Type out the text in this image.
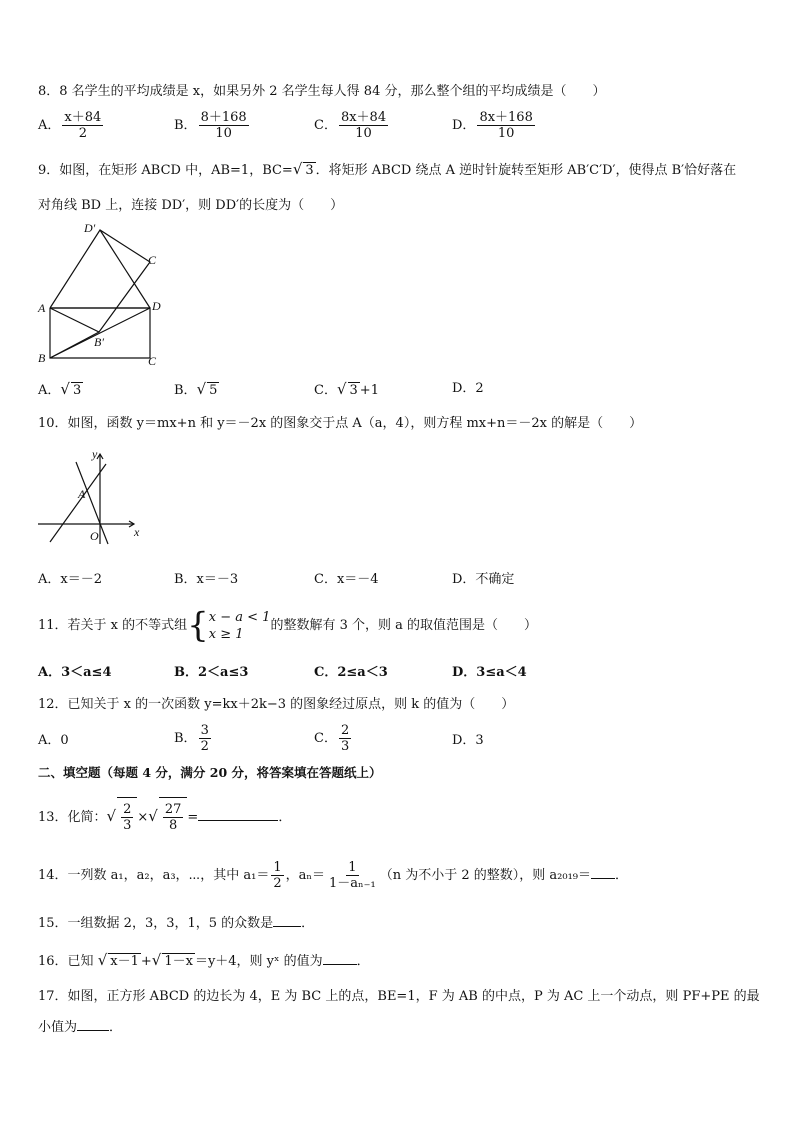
8．8 名学生的平均成绩是 x，如果另外 2 名学生每人得 84 分，那么整个组的平均成绩是（　　）
A． $\frac{x+84}{2}$	B． $\frac{8+168}{10}$	C． $\frac{8x+84}{10}$	D． $\frac{8x+168}{10}$
9．如图，在矩形 ABCD 中，AB=1，BC=√ 3 ．将矩形 ABCD 绕点 A 逆时针旋转至矩形 AB′C′D′，使得点 B′恰好落在
对角线 BD 上，连接 DD′，则 DD′的长度为（　　）
D′
C
A	D
B′
B	C
A．√ 3	B．√ 5	C．√ 3 +1	D．2
10．如图，函数 y＝mx+n 和 y＝－2x 的图象交于点 A（a，4），则方程 mx+n＝－2x 的解是（　　）
y
A
O	x
A．x＝－2	B．x＝－3	C．x＝－4	D．不确定
11．若关于 x 的不等式组{ x − a < 1
x ≥ 1
的整数解有 3 个，则 a 的取值范围是（　　）
A．3＜a≤4	B．2＜a≤3	C．2≤a＜3	D．3≤a＜4
12．已知关于 x 的一次函数 y=kx＋2k−3 的图象经过原点，则 k 的值为（　　）
A．0	B． $\frac{3}{2}$	C． $\frac{2}{3}$	D．3
二、填空题（每题 4 分，满分 20 分，将答案填在答题纸上）
13．化简：√ $\frac{2}{3}$ ×√ $\frac{27}{8}$ =	．
14．一列数 a₁，a₂，a₃，⋯，其中 $a_1= \frac{1}{2}$ ，$a_n= \frac{1}{\text{1－aₙ₋₁}} (n$ 为不小于 2 的整数），则 a₂₀₁₉＝ ．
15．一组数据 2，3，3，1，5 的众数是 ．
16．已知 √ x－1 +√ 1－x ＝y＋4，则 yˣ 的值为	．
17．如图，正方形 ABCD 的边长为 4，E 为 BC 上的点，BE=1，F 为 AB 的中点，P 为 AC 上一个动点，则 PF+PE 的最
小值为 ．
